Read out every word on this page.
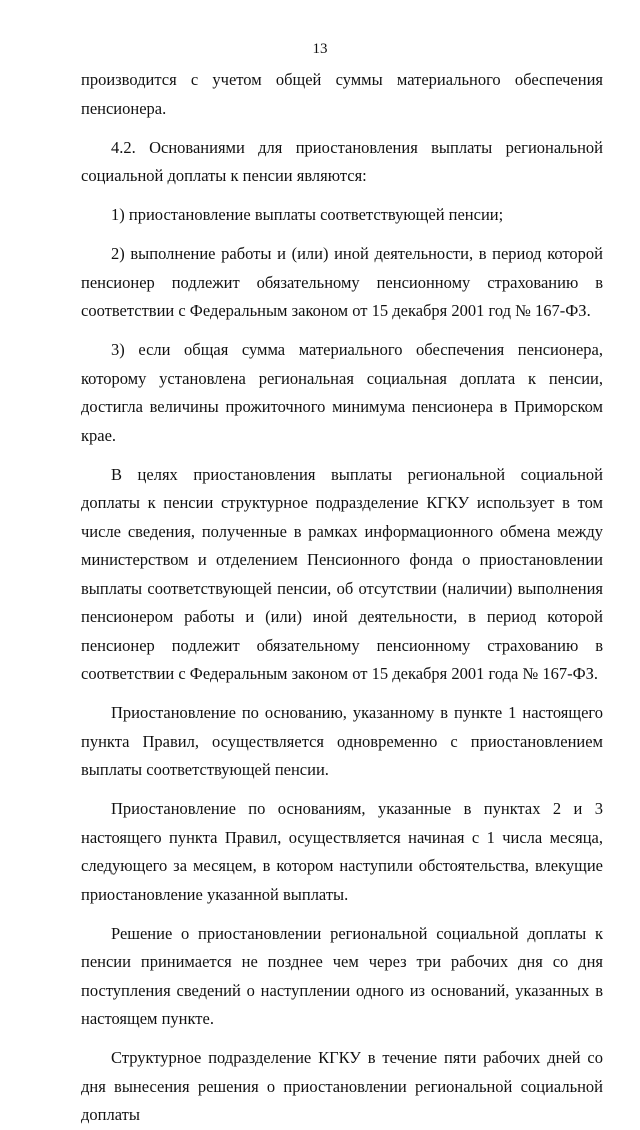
13

производится с учетом общей суммы материального обеспечения пенсионера.

4.2. Основаниями для приостановления выплаты региональной социальной доплаты к пенсии являются:

1) приостановление выплаты соответствующей пенсии;

2) выполнение работы и (или) иной деятельности, в период которой пенсионер подлежит обязательному пенсионному страхованию в соответствии с Федеральным законом от 15 декабря 2001 год № 167-ФЗ.

3) если общая сумма материального обеспечения пенсионера, которому установлена региональная социальная доплата к пенсии, достигла величины прожиточного минимума пенсионера в Приморском крае.

В целях приостановления выплаты региональной социальной доплаты к пенсии структурное подразделение КГКУ использует в том числе сведения, полученные в рамках информационного обмена между министерством и отделением Пенсионного фонда о приостановлении выплаты соответствующей пенсии, об отсутствии (наличии) выполнения пенсионером работы и (или) иной деятельности, в период которой пенсионер подлежит обязательному пенсионному страхованию в соответствии с Федеральным законом от 15 декабря 2001 года № 167-ФЗ.

Приостановление по основанию, указанному в пункте 1 настоящего пункта Правил, осуществляется одновременно с приостановлением выплаты соответствующей пенсии.

Приостановление по основаниям, указанные в пунктах 2 и 3 настоящего пункта Правил, осуществляется начиная с 1 числа месяца, следующего за месяцем, в котором наступили обстоятельства, влекущие приостановление указанной выплаты.

Решение о приостановлении региональной социальной доплаты к пенсии принимается не позднее чем через три рабочих дня со дня поступления сведений о наступлении одного из оснований, указанных в настоящем пункте.

Структурное подразделение КГКУ в течение пяти рабочих дней со дня вынесения решения о приостановлении региональной социальной доплаты
